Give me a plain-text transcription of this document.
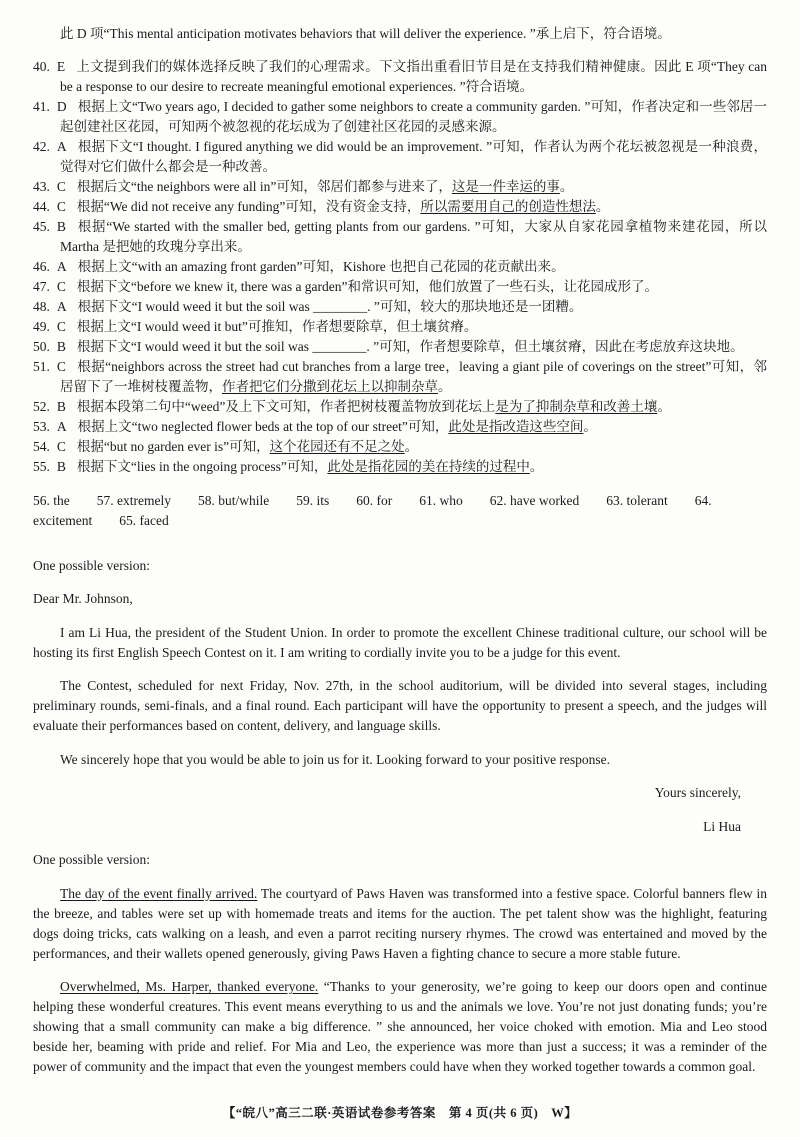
此 D 项“This mental anticipation motivates behaviors that will deliver the experience. ”承上启下，符合语境。

40. E 上文提到我们的媒体选择反映了我们的心理需求。下文指出重看旧节目是在支持我们精神健康。因此 E 项“They can be a response to our desire to recreate meaningful emotional experiences. ”符合语境。
41. D 根据上文“Two years ago, I decided to gather some neighbors to create a community garden. ”可知，作者决定和一些邻居一起创建社区花园，可知两个被忽视的花坛成为了创建社区花园的灵感来源。
42. A 根据下文“I thought. I figured anything we did would be an improvement. ”可知，作者认为两个花坛被忽视是一种浪费，觉得对它们做什么都会是一种改善。
43. C 根据后文“the neighbors were all in”可知，邻居们都参与进来了，这是一件幸运的事。
44. C 根据“We did not receive any funding”可知，没有资金支持，所以需要用自己的创造性想法。
45. B 根据“We started with the smaller bed, getting plants from our gardens. ”可知，大家从自家花园拿植物来建花园，所以 Martha 是把她的玫瑰分享出来。
46. A 根据上文“with an amazing front garden”可知，Kishore 也把自己花园的花贡献出来。
47. C 根据下文“before we knew it, there was a garden”和常识可知，他们放置了一些石头，让花园成形了。
48. A 根据下文“I would weed it but the soil was ________. ”可知，较大的那块地还是一团糟。
49. C 根据上文“I would weed it but”可推知，作者想要除草，但土壤贫瘠。
50. B 根据下文“I would weed it but the soil was ________. ”可知，作者想要除草，但土壤贫瘠，因此在考虑放弃这块地。
51. C 根据“neighbors across the street had cut branches from a large tree，leaving a giant pile of coverings on the street”可知，邻居留下了一堆树枝覆盖物，作者把它们分撒到花坛上以抑制杂草。
52. B 根据本段第二句中“weed”及上下文可知，作者把树枝覆盖物放到花坛上是为了抑制杂草和改善土壤。
53. A 根据上文“two neglected flower beds at the top of our street”可知，此处是指改造这些空间。
54. C 根据“but no garden ever is”可知，这个花园还有不足之处。
55. B 根据下文“lies in the ongoing process”可知，此处是指花园的美在持续的过程中。

56. the  57. extremely  58. but/while  59. its  60. for  61. who  62. have worked  63. tolerant  64. excitement  65. faced

One possible version:

Dear Mr. Johnson,

I am Li Hua, the president of the Student Union. In order to promote the excellent Chinese traditional culture, our school will be hosting its first English Speech Contest on it. I am writing to cordially invite you to be a judge for this event.

The Contest, scheduled for next Friday, Nov. 27th, in the school auditorium, will be divided into several stages, including preliminary rounds, semi-finals, and a final round. Each participant will have the opportunity to present a speech, and the judges will evaluate their performances based on content, delivery, and language skills.

We sincerely hope that you would be able to join us for it. Looking forward to your positive response.

Yours sincerely,

Li Hua

One possible version:

The day of the event finally arrived. The courtyard of Paws Haven was transformed into a festive space. Colorful banners flew in the breeze, and tables were set up with homemade treats and items for the auction. The pet talent show was the highlight, featuring dogs doing tricks, cats walking on a leash, and even a parrot reciting nursery rhymes. The crowd was entertained and moved by the performances, and their wallets opened generously, giving Paws Haven a fighting chance to secure a more stable future.

Overwhelmed, Ms. Harper, thanked everyone. “Thanks to your generosity, we’re going to keep our doors open and continue helping these wonderful creatures. This event means everything to us and the animals we love. You’re not just donating funds; you’re showing that a small community can make a big difference. ” she announced, her voice choked with emotion. Mia and Leo stood beside her, beaming with pride and relief. For Mia and Leo, the experience was more than just a success; it was a reminder of the power of community and the impact that even the youngest members could have when they worked together towards a common goal.

【“皖八”高三二联·英语试卷参考答案 第 4 页(共 6 页) W】
